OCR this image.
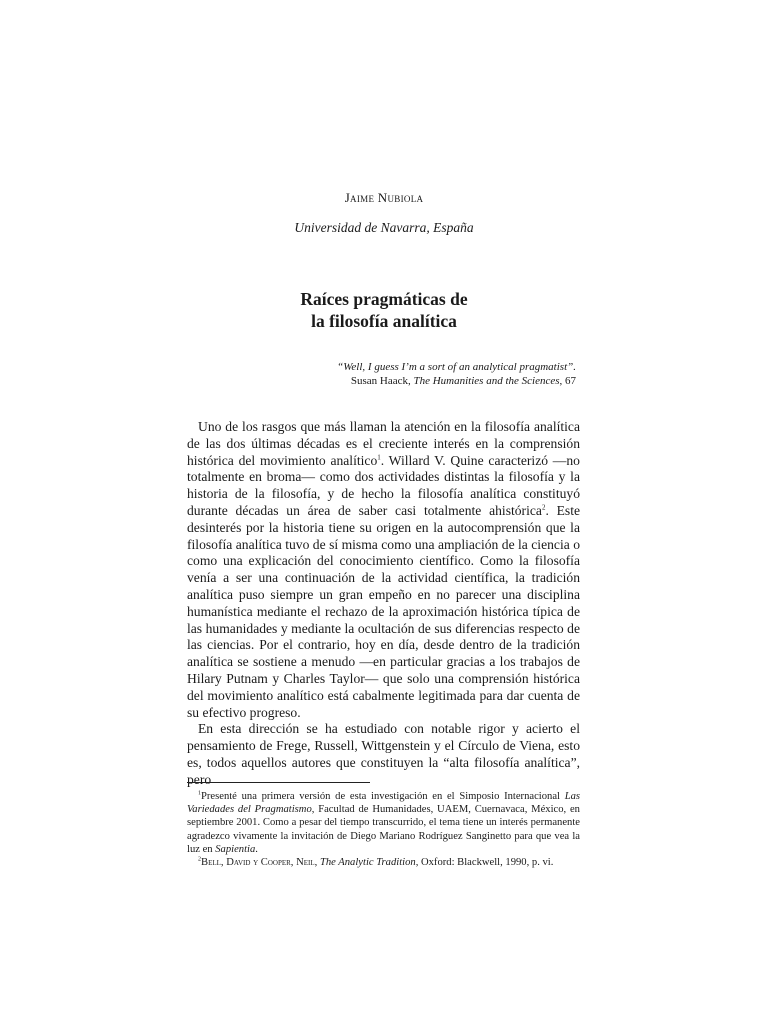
Jaime Nubiola
Universidad de Navarra, España
Raíces pragmáticas de
la filosofía analítica
“Well, I guess I’m a sort of an analytical pragmatist”.
Susan Haack, The Humanities and the Sciences, 67

Uno de los rasgos que más llaman la atención en la filosofía analítica de las dos últimas décadas es el creciente interés en la comprensión histórica del movimiento analítico$^1$. Willard V. Quine caracterizó —no totalmente en broma— como dos actividades distintas la filosofía y la historia de la filosofía, y de hecho la filosofía analítica constituyó durante décadas un área de saber casi totalmente ahistórica$^2$. Este desinterés por la historia tiene su origen en la autocomprensión que la filosofía analítica tuvo de sí misma como una ampliación de la ciencia o como una explicación del conocimiento científico. Como la filosofía venía a ser una continuación de la actividad científica, la tradición analítica puso siempre un gran empeño en no parecer una disciplina humanística mediante el rechazo de la aproximación histórica típica de las humanidades y mediante la ocultación de sus diferencias respecto de las ciencias. Por el contrario, hoy en día, desde dentro de la tradición analítica se sostiene a menudo —en particular gracias a los trabajos de Hilary Putnam y Charles Taylor— que solo una comprensión histórica del movimiento analítico está cabalmente legitimada para dar cuenta de su efectivo progreso.

En esta dirección se ha estudiado con notable rigor y acierto el pensamiento de Frege, Russell, Wittgenstein y el Círculo de Viena, esto es, todos aquellos autores que constituyen la “alta filosofía analítica”, pero

$^1$Presenté una primera versión de esta investigación en el Simposio Internacional Las Variedades del Pragmatismo, Facultad de Humanidades, UAEM, Cuernavaca, México, en septiembre 2001. Como a pesar del tiempo transcurrido, el tema tiene un interés permanente agradezco vivamente la invitación de Diego Mariano Rodríguez Sanginetto para que vea la luz en Sapientia.

$^2$Bell, David y Cooper, Neil, The Analytic Tradition, Oxford: Blackwell, 1990, p. vi.
